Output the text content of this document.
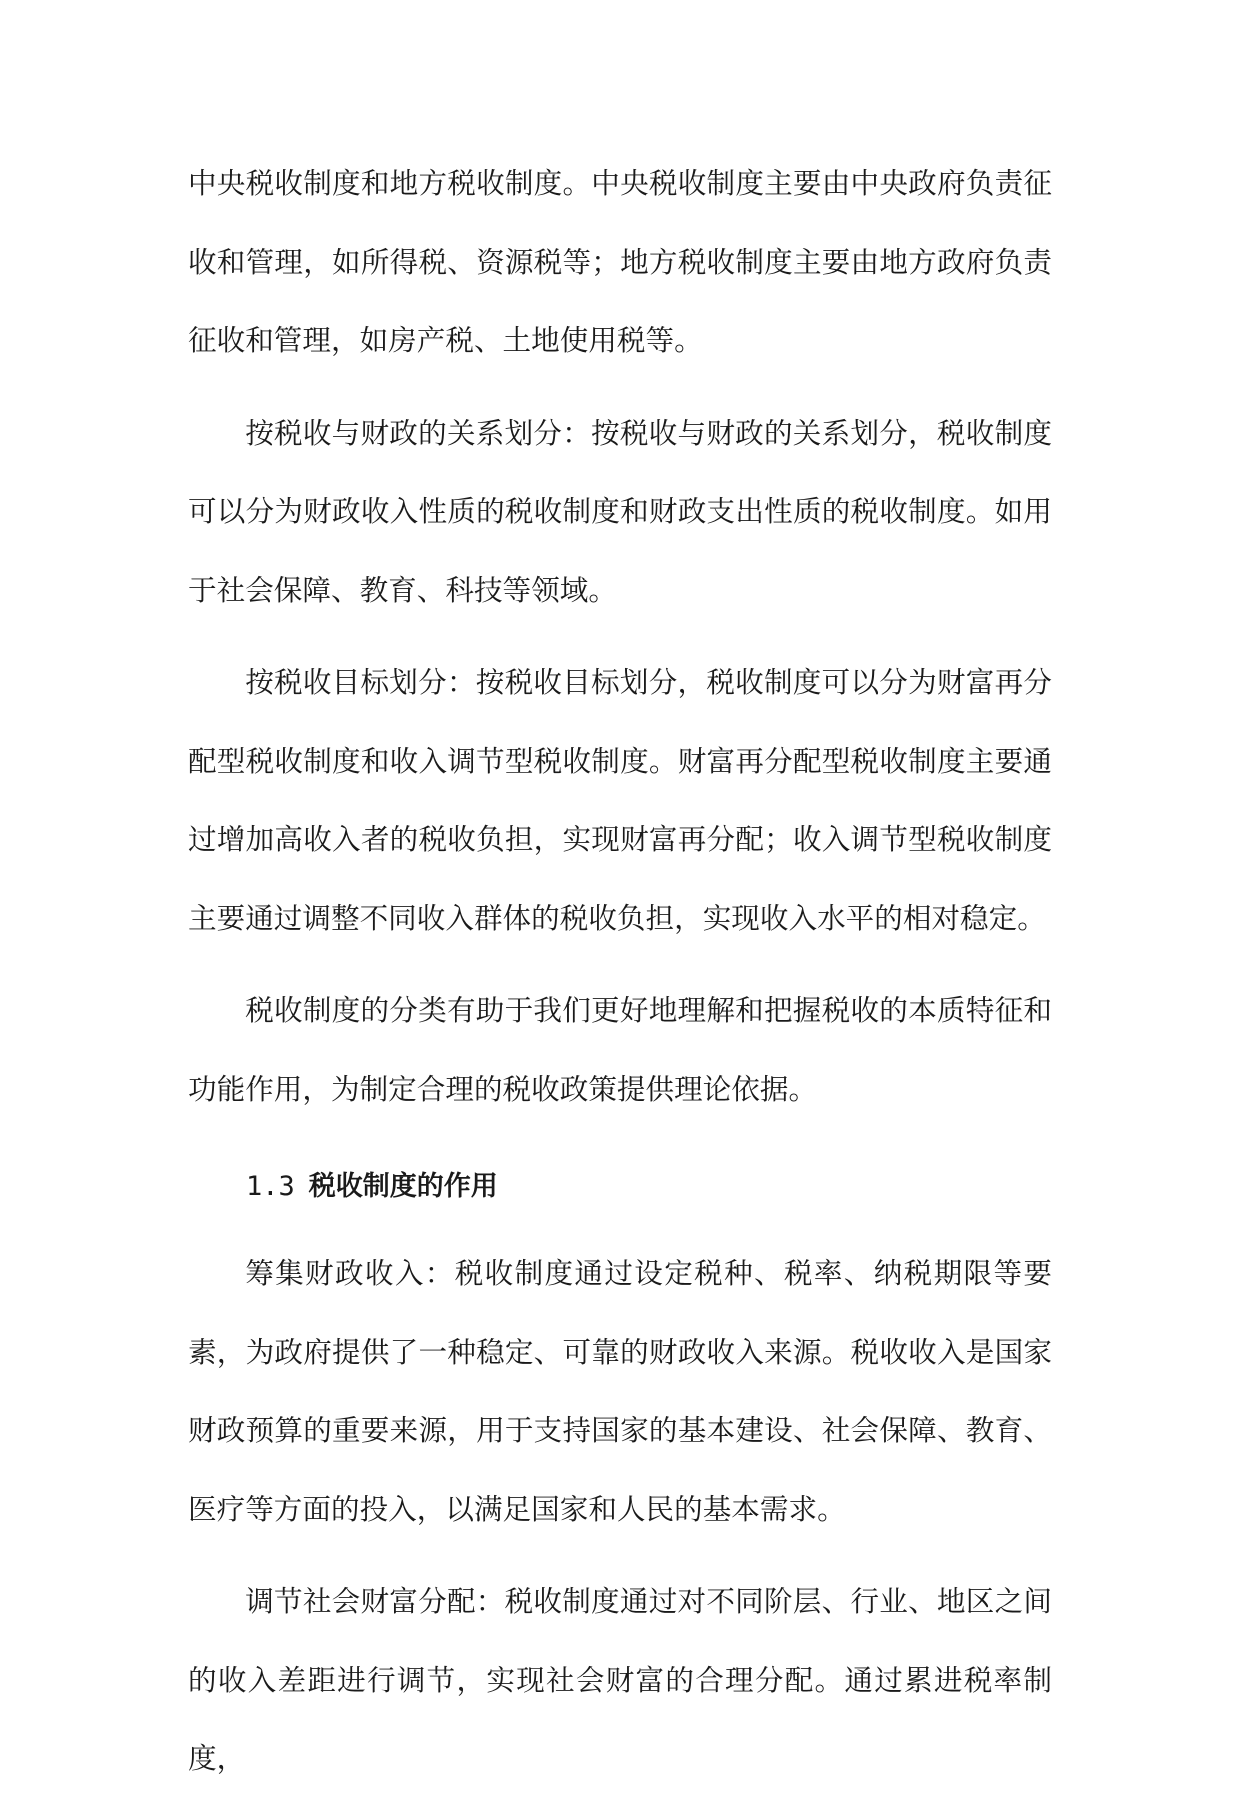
中央税收制度和地方税收制度。中央税收制度主要由中央政府负责征收和管理，如所得税、资源税等；地方税收制度主要由地方政府负责征收和管理，如房产税、土地使用税等。

按税收与财政的关系划分：按税收与财政的关系划分，税收制度可以分为财政收入性质的税收制度和财政支出性质的税收制度。如用于社会保障、教育、科技等领域。

按税收目标划分：按税收目标划分，税收制度可以分为财富再分配型税收制度和收入调节型税收制度。财富再分配型税收制度主要通过增加高收入者的税收负担，实现财富再分配；收入调节型税收制度主要通过调整不同收入群体的税收负担，实现收入水平的相对稳定。

税收制度的分类有助于我们更好地理解和把握税收的本质特征和功能作用，为制定合理的税收政策提供理论依据。

1.3 税收制度的作用

筹集财政收入：税收制度通过设定税种、税率、纳税期限等要素，为政府提供了一种稳定、可靠的财政收入来源。税收收入是国家财政预算的重要来源，用于支持国家的基本建设、社会保障、教育、医疗等方面的投入，以满足国家和人民的基本需求。

调节社会财富分配：税收制度通过对不同阶层、行业、地区之间的收入差距进行调节，实现社会财富的合理分配。通过累进税率制度，
